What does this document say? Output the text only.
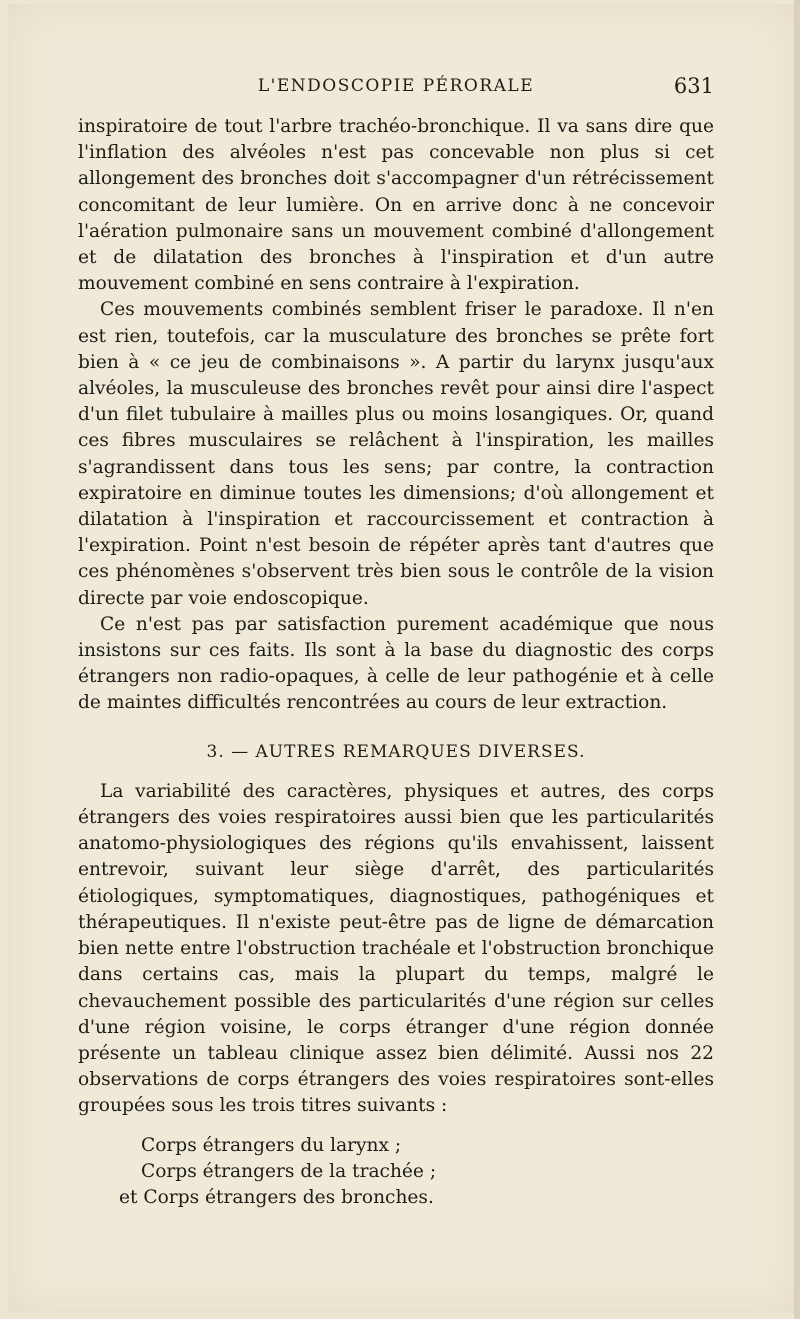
L'ENDOSCOPIE PÉRORALE	631

inspiratoire de tout l'arbre trachéo-bronchique. Il va sans dire que l'inflation des alvéoles n'est pas concevable non plus si cet allongement des bronches doit s'accompagner d'un rétrécissement concomitant de leur lumière. On en arrive donc à ne concevoir l'aération pulmonaire sans un mouvement combiné d'allongement et de dilatation des bronches à l'inspiration et d'un autre mouvement combiné en sens contraire à l'expiration.

Ces mouvements combinés semblent friser le paradoxe. Il n'en est rien, toutefois, car la musculature des bronches se prête fort bien à « ce jeu de combinaisons ». A partir du larynx jusqu'aux alvéoles, la musculeuse des bronches revêt pour ainsi dire l'aspect d'un filet tubulaire à mailles plus ou moins losangiques. Or, quand ces fibres musculaires se relâchent à l'inspiration, les mailles s'agrandissent dans tous les sens; par contre, la contraction expiratoire en diminue toutes les dimensions; d'où allongement et dilatation à l'inspiration et raccourcissement et contraction à l'expiration. Point n'est besoin de répéter après tant d'autres que ces phénomènes s'observent très bien sous le contrôle de la vision directe par voie endoscopique.

Ce n'est pas par satisfaction purement académique que nous insistons sur ces faits. Ils sont à la base du diagnostic des corps étrangers non radio-opaques, à celle de leur pathogénie et à celle de maintes difficultés rencontrées au cours de leur extraction.

3. — AUTRES REMARQUES DIVERSES.

La variabilité des caractères, physiques et autres, des corps étrangers des voies respiratoires aussi bien que les particularités anatomo-physiologiques des régions qu'ils envahissent, laissent entrevoir, suivant leur siège d'arrêt, des particularités étiologiques, symptomatiques, diagnostiques, pathogéniques et thérapeutiques. Il n'existe peut-être pas de ligne de démarcation bien nette entre l'obstruction trachéale et l'obstruction bronchique dans certains cas, mais la plupart du temps, malgré le chevauchement possible des particularités d'une région sur celles d'une région voisine, le corps étranger d'une région donnée présente un tableau clinique assez bien délimité. Aussi nos 22 observations de corps étrangers des voies respiratoires sont-elles groupées sous les trois titres suivants :

Corps étrangers du larynx ;
Corps étrangers de la trachée ;
et Corps étrangers des bronches.
